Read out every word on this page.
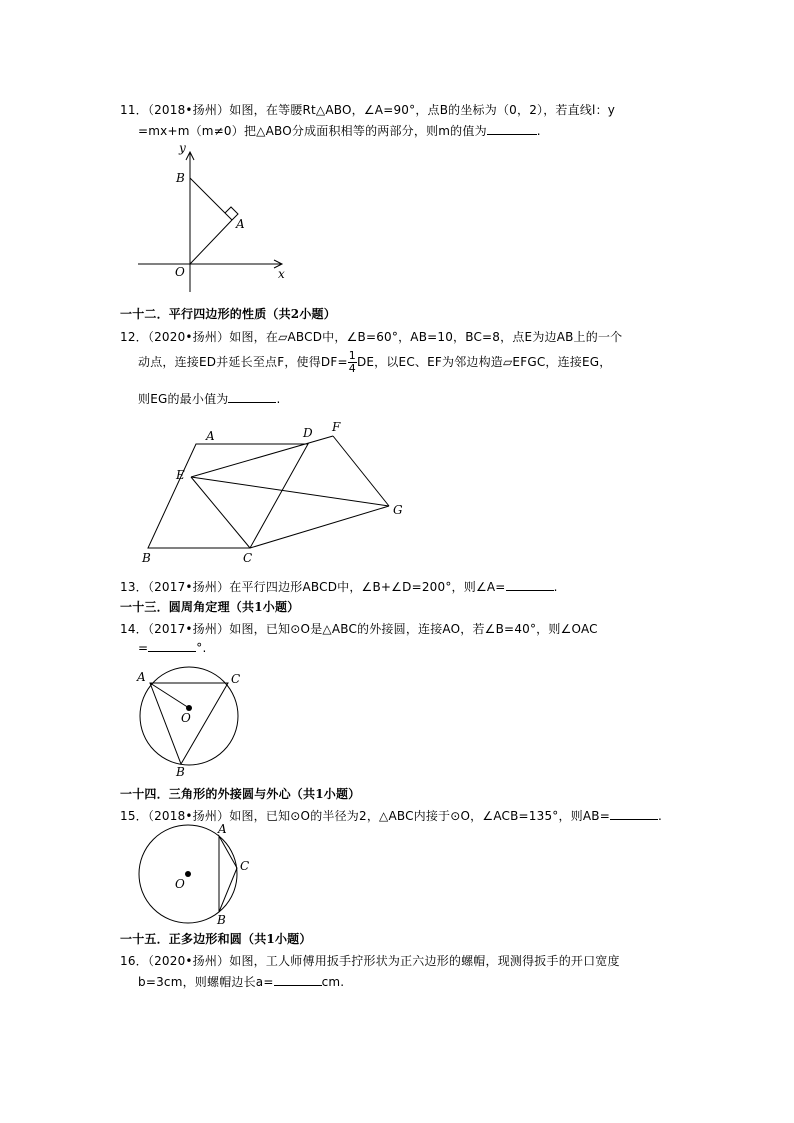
11．（2018•扬州）如图，在等腰Rt△ABO，∠A=90°，点B的坐标为（0，2），若直线l：y
=mx+m（m≠0）把△ABO分成面积相等的两部分，则m的值为	.
y
x
B
A
O
A	D F
E
G
B	C
A	C
O
B
A
C
O
B
一十二．平行四边形的性质（共2小题）
12．（2020•扬州）如图，在▱ABCD中，∠B=60°，AB=10，BC=8，点E为边AB上的一个
动点，连接ED并延长至点F，使得$DF= \frac{1}{4}$ DE，以EC、EF为邻边构造▱EFGC，连接EG，
则EG的最小值为	.
13．（2017•扬州）在平行四边形ABCD中，∠B+∠D=200°，则∠A=	.
一十三．圆周角定理（共1小题）
14．（2017•扬州）如图，已知⊙O是△ABC的外接圆，连接AO，若∠B=40°，则∠OAC
=	°.
一十四．三角形的外接圆与外心（共1小题）
15．（2018•扬州）如图，已知⊙O的半径为2，△ABC内接于⊙O，∠ACB=135°，则AB=	.
一十五．正多边形和圆（共1小题）
16．（2020•扬州）如图，工人师傅用扳手拧形状为正六边形的螺帽，现测得扳手的开口宽度
b=3cm，则螺帽边长a=	cm.
